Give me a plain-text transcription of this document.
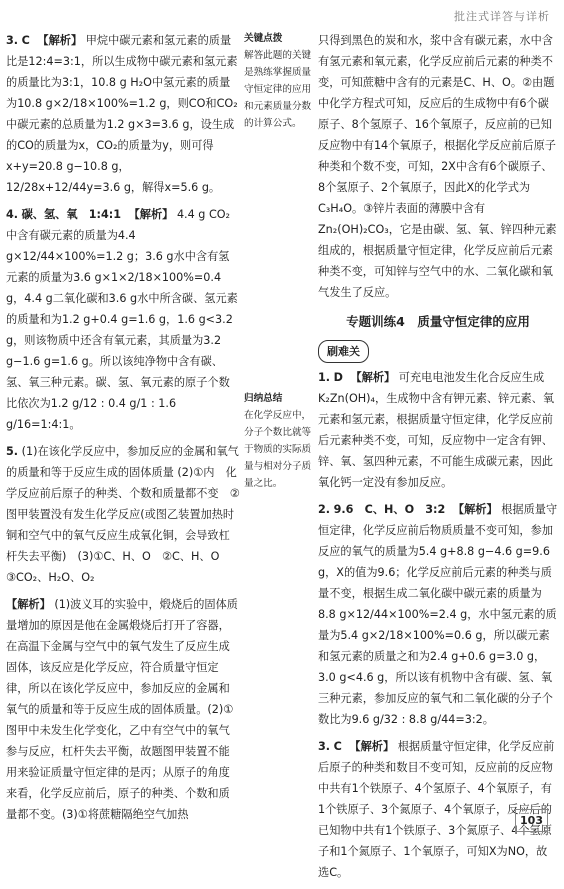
批注式详答与详析
3. C 【解析】 甲烷中碳元素和氢元素的质量比是12:4=3:1，所以生成物中碳元素和氢元素的质量比为3:1，10.8 g H₂O中氢元素的质量为10.8 g×2/18×100%=1.2 g，则CO和CO₂中碳元素的总质量为1.2 g×3=3.6 g，设生成的CO的质量为x，CO₂的质量为y，则可得x+y=20.8 g−10.8 g，12/28x+12/44y=3.6 g，解得x=5.6 g。
4. 碳、氢、氧　1:4:1 【解析】 4.4 g CO₂中含有碳元素的质量为4.4 g×12/44×100%=1.2 g；3.6 g水中含有氢元素的质量为3.6 g×1×2/18×100%=0.4 g，4.4 g二氧化碳和3.6 g水中所含碳、氢元素的质量和为1.2 g+0.4 g=1.6 g，1.6 g<3.2 g，则该物质中还含有氧元素，其质量为3.2 g−1.6 g=1.6 g。所以该纯净物中含有碳、氢、氧三种元素。碳、氢、氧元素的原子个数比依次为1.2 g/12 : 0.4 g/1 : 1.6 g/16=1:4:1。
5. (1)在该化学反应中，参加反应的金属和氧气的质量和等于反应生成的固体质量 (2)①内　化学反应前后原子的种类、个数和质量都不变　②图甲装置没有发生化学反应(或图乙装置加热时铜和空气中的氧气反应生成氧化铜，会导致杠杆失去平衡)　(3)①C、H、O　②C、H、O　③CO₂、H₂O、O₂
【解析】 (1)波义耳的实验中，煅烧后的固体质量增加的原因是他在金属煅烧后打开了容器，在高温下金属与空气中的氧气发生了反应生成固体，该反应是化学反应，符合质量守恒定律，所以在该化学反应中，参加反应的金属和氧气的质量和等于反应生成的固体质量。(2)①图甲中未发生化学变化，乙中有空气中的氧气参与反应，杠杆失去平衡，故题图甲装置不能用来验证质量守恒定律的是丙；从原子的角度来看，化学反应前后，原子的种类、个数和质量都不变。(3)①将蔗糖隔绝空气加热
关键点拨
解答此题的关键是熟练掌握质量守恒定律的应用和元素质量分数的计算公式。
归纳总结
在化学反应中，分子个数比就等于物质的实际质量与相对分子质量之比。
只得到黑色的炭和水，浆中含有碳元素，水中含有氢元素和氧元素，化学反应前后元素的种类不变，可知蔗糖中含有的元素是C、H、O。②由题中化学方程式可知，反应后的生成物中有6个碳原子、8个氢原子、16个氧原子，反应前的已知反应物中有14个氧原子，根据化学反应前后原子种类和个数不变，可知，2X中含有6个碳原子、8个氢原子、2个氧原子，因此X的化学式为C₃H₄O。③锌片表面的薄膜中含有Zn₂(OH)₂CO₃，它是由碳、氢、氧、锌四种元素组成的，根据质量守恒定律，化学反应前后元素种类不变，可知锌与空气中的水、二氧化碳和氧气发生了反应。
专题训练4　质量守恒定律的应用
刷难关
1. D 【解析】 可充电电池发生化合反应生成K₂Zn(OH)₄，生成物中含有钾元素、锌元素、氧元素和氢元素，根据质量守恒定律，化学反应前后元素种类不变，可知，反应物中一定含有钾、锌、氧、氢四种元素，不可能生成碳元素，因此氧化钙一定没有参加反应。
2. 9.6　C、H、O　3:2 【解析】 根据质量守恒定律，化学反应前后物质质量不变可知，参加反应的氧气的质量为5.4 g+8.8 g−4.6 g=9.6 g，X的值为9.6；化学反应前后元素的种类与质量不变，根据生成二氧化碳中碳元素的质量为8.8 g×12/44×100%=2.4 g，水中氢元素的质量为5.4 g×2/18×100%=0.6 g，所以碳元素和氢元素的质量之和为2.4 g+0.6 g=3.0 g，3.0 g<4.6 g，所以该有机物中含有碳、氢、氧三种元素，参加反应的氧气和二氧化碳的分子个数比为9.6 g/32 : 8.8 g/44=3:2。
3. C 【解析】 根据质量守恒定律，化学反应前后原子的种类和数目不变可知，反应前的反应物中共有1个铁原子、4个氢原子、4个氧原子，有1个铁原子、3个氮原子、4个氧原子，反应后的已知物中共有1个铁原子、3个氮原子、4个氢原子和1个氮原子、1个氧原子，可知X为NO，故选C。
103
